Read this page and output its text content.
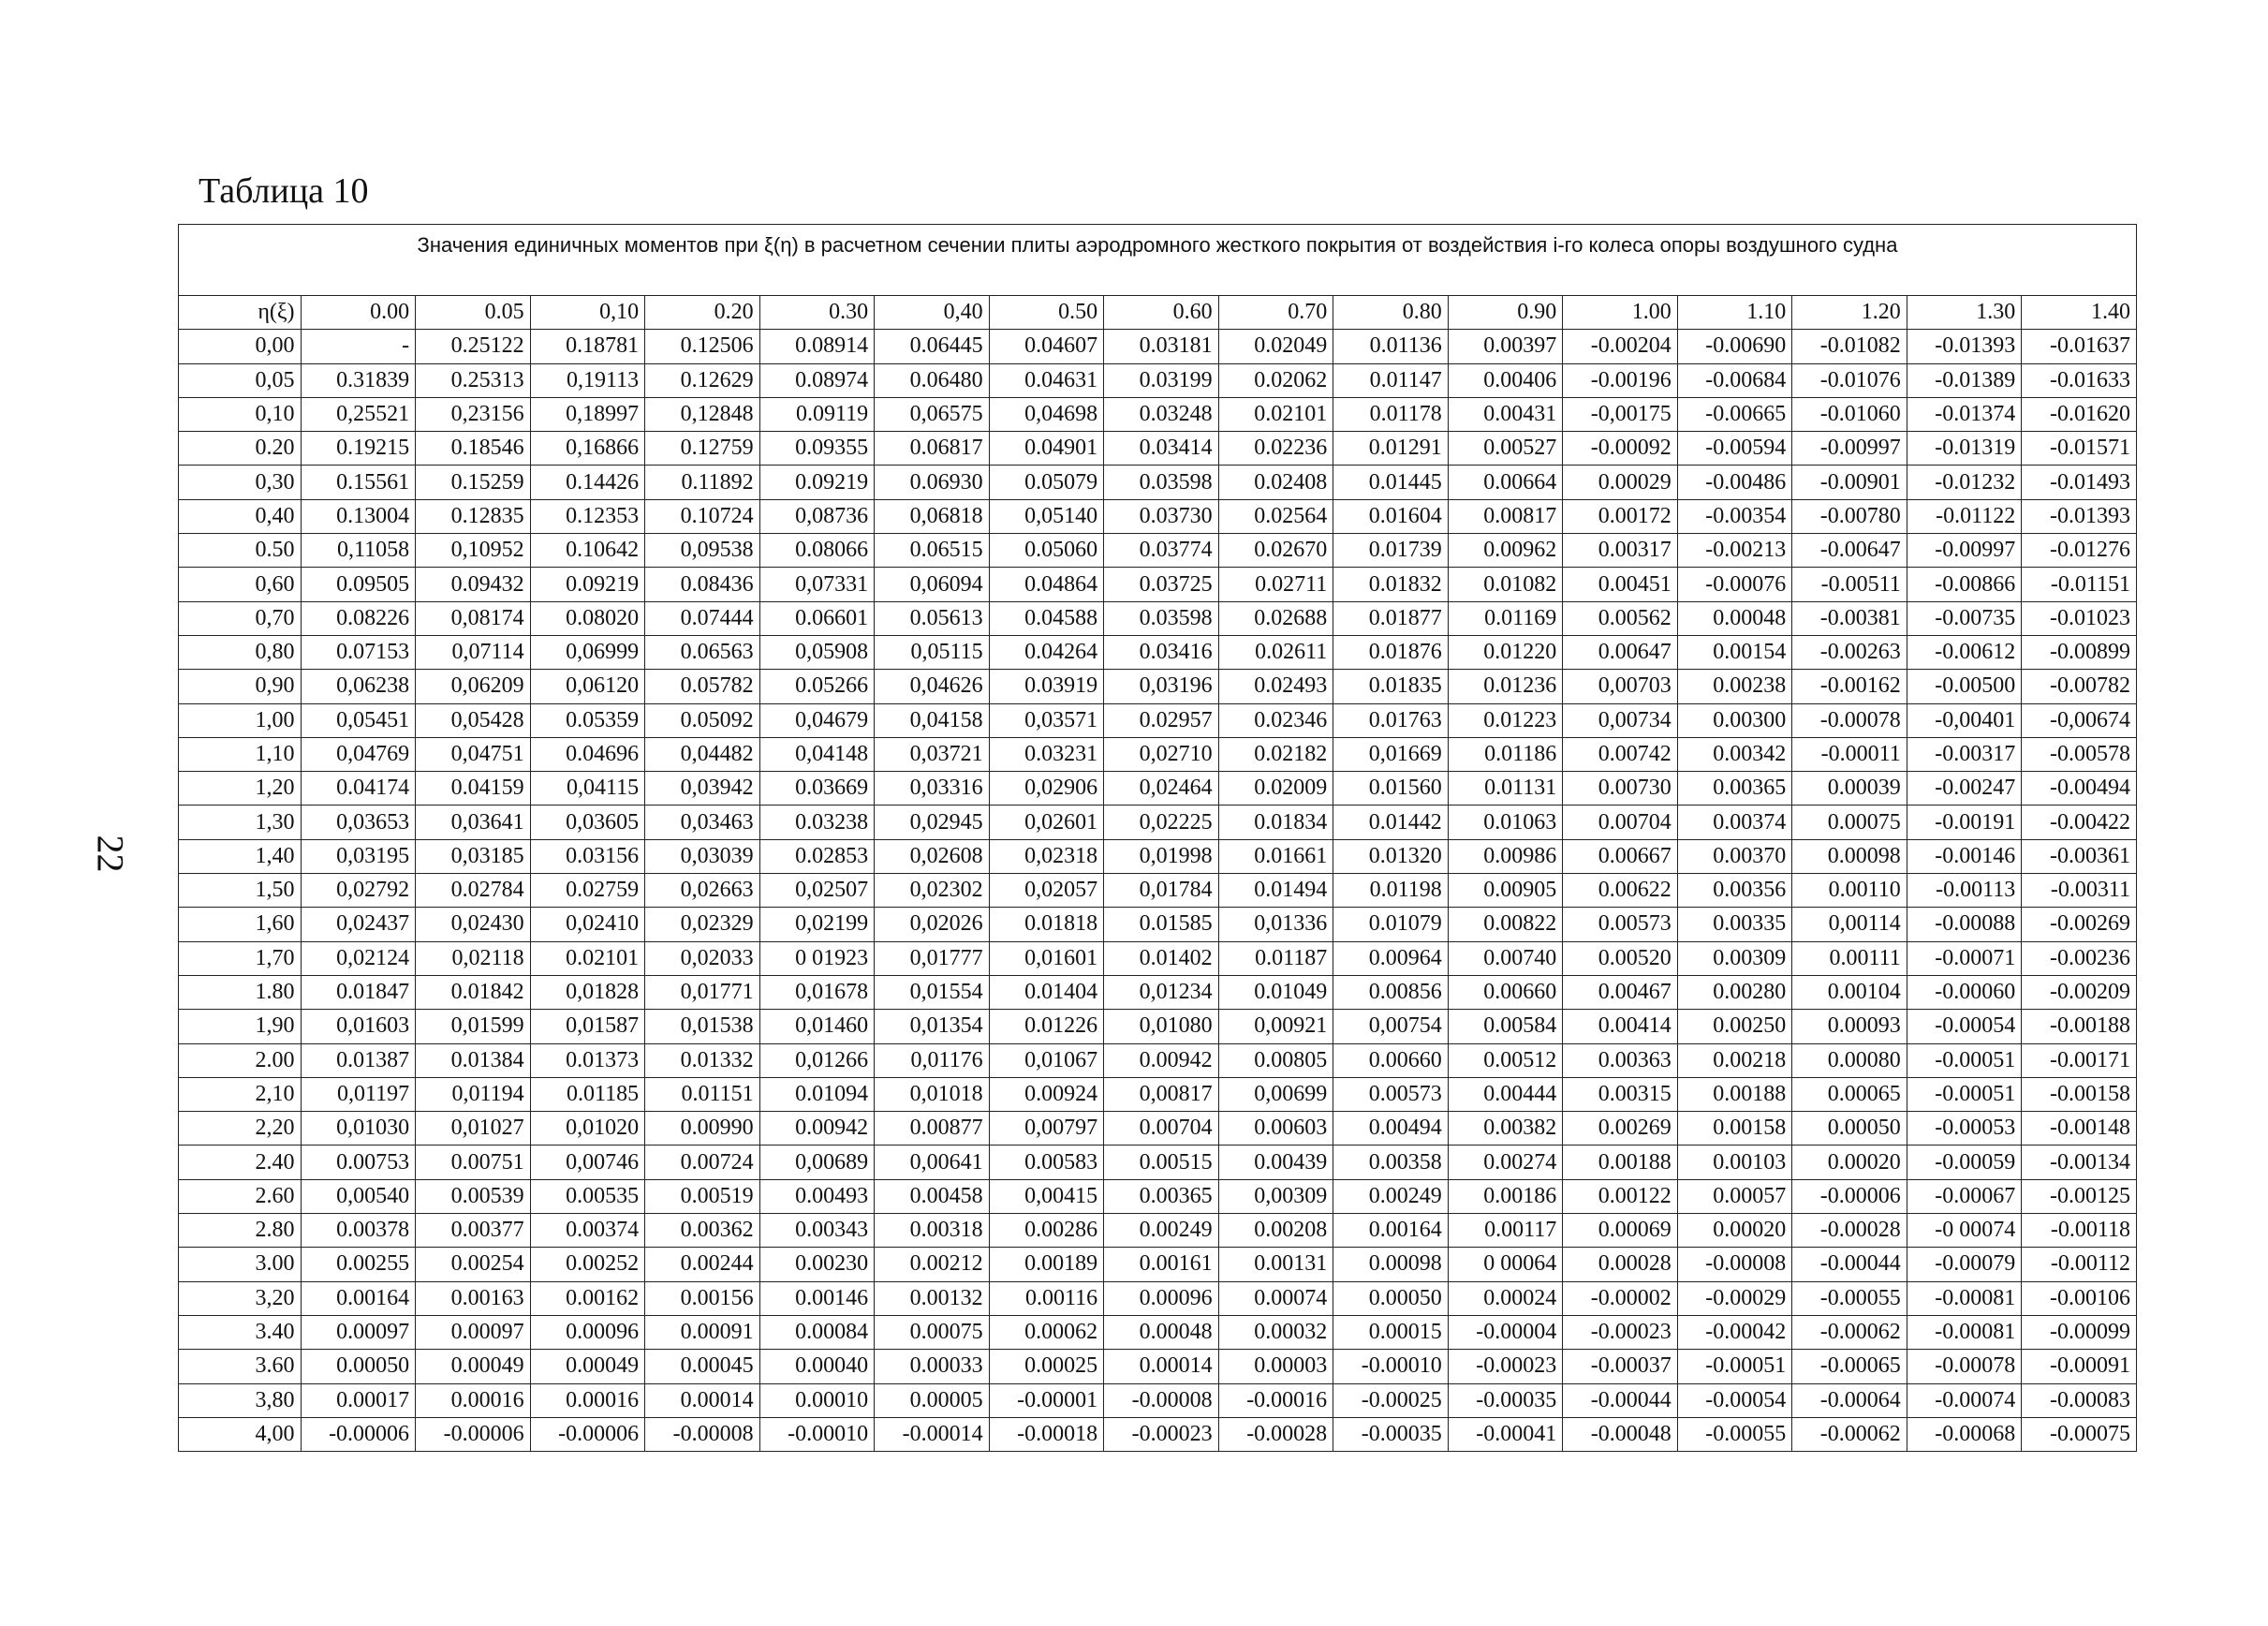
22
Таблица 10
Значения единичных моментов при ξ(η) в расчетном сечении плиты аэродромного жесткого покрытия от воздействия i-го колеса опоры воздушного судна																
η(ξ)	0.00	0.05	0,10	0.20	0.30	0,40	0.50	0.60	0.70	0.80	0.90	1.00	1.10	1.20	1.30	1.40
0,00	-	0.25122	0.18781	0.12506	0.08914	0.06445	0.04607	0.03181	0.02049	0.01136	0.00397	-0.00204	-0.00690	-0.01082	-0.01393	-0.01637
0,05	0.31839	0.25313	0,19113	0.12629	0.08974	0.06480	0.04631	0.03199	0.02062	0.01147	0.00406	-0.00196	-0.00684	-0.01076	-0.01389	-0.01633
0,10	0,25521	0,23156	0,18997	0,12848	0.09119	0,06575	0,04698	0.03248	0.02101	0.01178	0.00431	-0,00175	-0.00665	-0.01060	-0.01374	-0.01620
0.20	0.19215	0.18546	0,16866	0.12759	0.09355	0.06817	0.04901	0.03414	0.02236	0.01291	0.00527	-0.00092	-0.00594	-0.00997	-0.01319	-0.01571
0,30	0.15561	0.15259	0.14426	0.11892	0.09219	0.06930	0.05079	0.03598	0.02408	0.01445	0.00664	0.00029	-0.00486	-0.00901	-0.01232	-0.01493
0,40	0.13004	0.12835	0.12353	0.10724	0,08736	0,06818	0,05140	0.03730	0.02564	0.01604	0.00817	0.00172	-0.00354	-0.00780	-0.01122	-0.01393
0.50	0,11058	0,10952	0.10642	0,09538	0.08066	0.06515	0.05060	0.03774	0.02670	0.01739	0.00962	0.00317	-0.00213	-0.00647	-0.00997	-0.01276
0,60	0.09505	0.09432	0.09219	0.08436	0,07331	0,06094	0.04864	0.03725	0.02711	0.01832	0.01082	0.00451	-0.00076	-0.00511	-0.00866	-0.01151
0,70	0.08226	0,08174	0.08020	0.07444	0.06601	0.05613	0.04588	0.03598	0.02688	0.01877	0.01169	0.00562	0.00048	-0.00381	-0.00735	-0.01023
0,80	0.07153	0,07114	0,06999	0.06563	0,05908	0,05115	0.04264	0.03416	0.02611	0.01876	0.01220	0.00647	0.00154	-0.00263	-0.00612	-0.00899
0,90	0,06238	0,06209	0,06120	0.05782	0.05266	0,04626	0.03919	0,03196	0.02493	0.01835	0.01236	0,00703	0.00238	-0.00162	-0.00500	-0.00782
1,00	0,05451	0,05428	0.05359	0.05092	0,04679	0,04158	0,03571	0.02957	0.02346	0.01763	0.01223	0,00734	0.00300	-0.00078	-0,00401	-0,00674
1,10	0,04769	0,04751	0.04696	0,04482	0,04148	0,03721	0.03231	0,02710	0.02182	0,01669	0.01186	0.00742	0.00342	-0.00011	-0.00317	-0.00578
1,20	0.04174	0.04159	0,04115	0,03942	0.03669	0,03316	0,02906	0,02464	0.02009	0.01560	0.01131	0.00730	0.00365	0.00039	-0.00247	-0.00494
1,30	0,03653	0,03641	0,03605	0,03463	0.03238	0,02945	0,02601	0,02225	0.01834	0.01442	0.01063	0.00704	0.00374	0.00075	-0.00191	-0.00422
1,40	0,03195	0,03185	0.03156	0,03039	0.02853	0,02608	0,02318	0,01998	0.01661	0.01320	0.00986	0.00667	0.00370	0.00098	-0.00146	-0.00361
1,50	0,02792	0.02784	0.02759	0,02663	0,02507	0,02302	0,02057	0,01784	0.01494	0.01198	0.00905	0.00622	0.00356	0.00110	-0.00113	-0.00311
1,60	0,02437	0,02430	0,02410	0,02329	0,02199	0,02026	0.01818	0.01585	0,01336	0.01079	0.00822	0.00573	0.00335	0,00114	-0.00088	-0.00269
1,70	0,02124	0,02118	0.02101	0,02033	0 01923	0,01777	0,01601	0.01402	0.01187	0.00964	0.00740	0.00520	0.00309	0.00111	-0.00071	-0.00236
1.80	0.01847	0.01842	0,01828	0,01771	0,01678	0,01554	0.01404	0,01234	0.01049	0.00856	0.00660	0.00467	0.00280	0.00104	-0.00060	-0.00209
1,90	0,01603	0,01599	0,01587	0,01538	0,01460	0,01354	0.01226	0,01080	0,00921	0,00754	0.00584	0.00414	0.00250	0.00093	-0.00054	-0.00188
2.00	0.01387	0.01384	0.01373	0.01332	0,01266	0,01176	0,01067	0.00942	0.00805	0.00660	0.00512	0.00363	0.00218	0.00080	-0.00051	-0.00171
2,10	0,01197	0,01194	0.01185	0.01151	0.01094	0,01018	0.00924	0,00817	0,00699	0.00573	0.00444	0.00315	0.00188	0.00065	-0.00051	-0.00158
2,20	0,01030	0,01027	0,01020	0.00990	0.00942	0.00877	0,00797	0.00704	0.00603	0.00494	0.00382	0.00269	0.00158	0.00050	-0.00053	-0.00148
2.40	0.00753	0.00751	0,00746	0.00724	0,00689	0,00641	0.00583	0.00515	0.00439	0.00358	0.00274	0.00188	0.00103	0.00020	-0.00059	-0.00134
2.60	0,00540	0.00539	0.00535	0.00519	0.00493	0.00458	0,00415	0.00365	0,00309	0.00249	0.00186	0.00122	0.00057	-0.00006	-0.00067	-0.00125
2.80	0.00378	0.00377	0.00374	0.00362	0.00343	0.00318	0.00286	0.00249	0.00208	0.00164	0.00117	0.00069	0.00020	-0.00028	-0 00074	-0.00118
3.00	0.00255	0.00254	0.00252	0.00244	0.00230	0.00212	0.00189	0.00161	0.00131	0.00098	0 00064	0.00028	-0.00008	-0.00044	-0.00079	-0.00112
3,20	0.00164	0.00163	0.00162	0.00156	0.00146	0.00132	0.00116	0.00096	0.00074	0.00050	0.00024	-0.00002	-0.00029	-0.00055	-0.00081	-0.00106
3.40	0.00097	0.00097	0.00096	0.00091	0.00084	0.00075	0.00062	0.00048	0.00032	0.00015	-0.00004	-0.00023	-0.00042	-0.00062	-0.00081	-0.00099
3.60	0.00050	0.00049	0.00049	0.00045	0.00040	0.00033	0.00025	0.00014	0.00003	-0.00010	-0.00023	-0.00037	-0.00051	-0.00065	-0.00078	-0.00091
3,80	0.00017	0.00016	0.00016	0.00014	0.00010	0.00005	-0.00001	-0.00008	-0.00016	-0.00025	-0.00035	-0.00044	-0.00054	-0.00064	-0.00074	-0.00083
4,00	-0.00006	-0.00006	-0.00006	-0.00008	-0.00010	-0.00014	-0.00018	-0.00023	-0.00028	-0.00035	-0.00041	-0.00048	-0.00055	-0.00062	-0.00068	-0.00075
